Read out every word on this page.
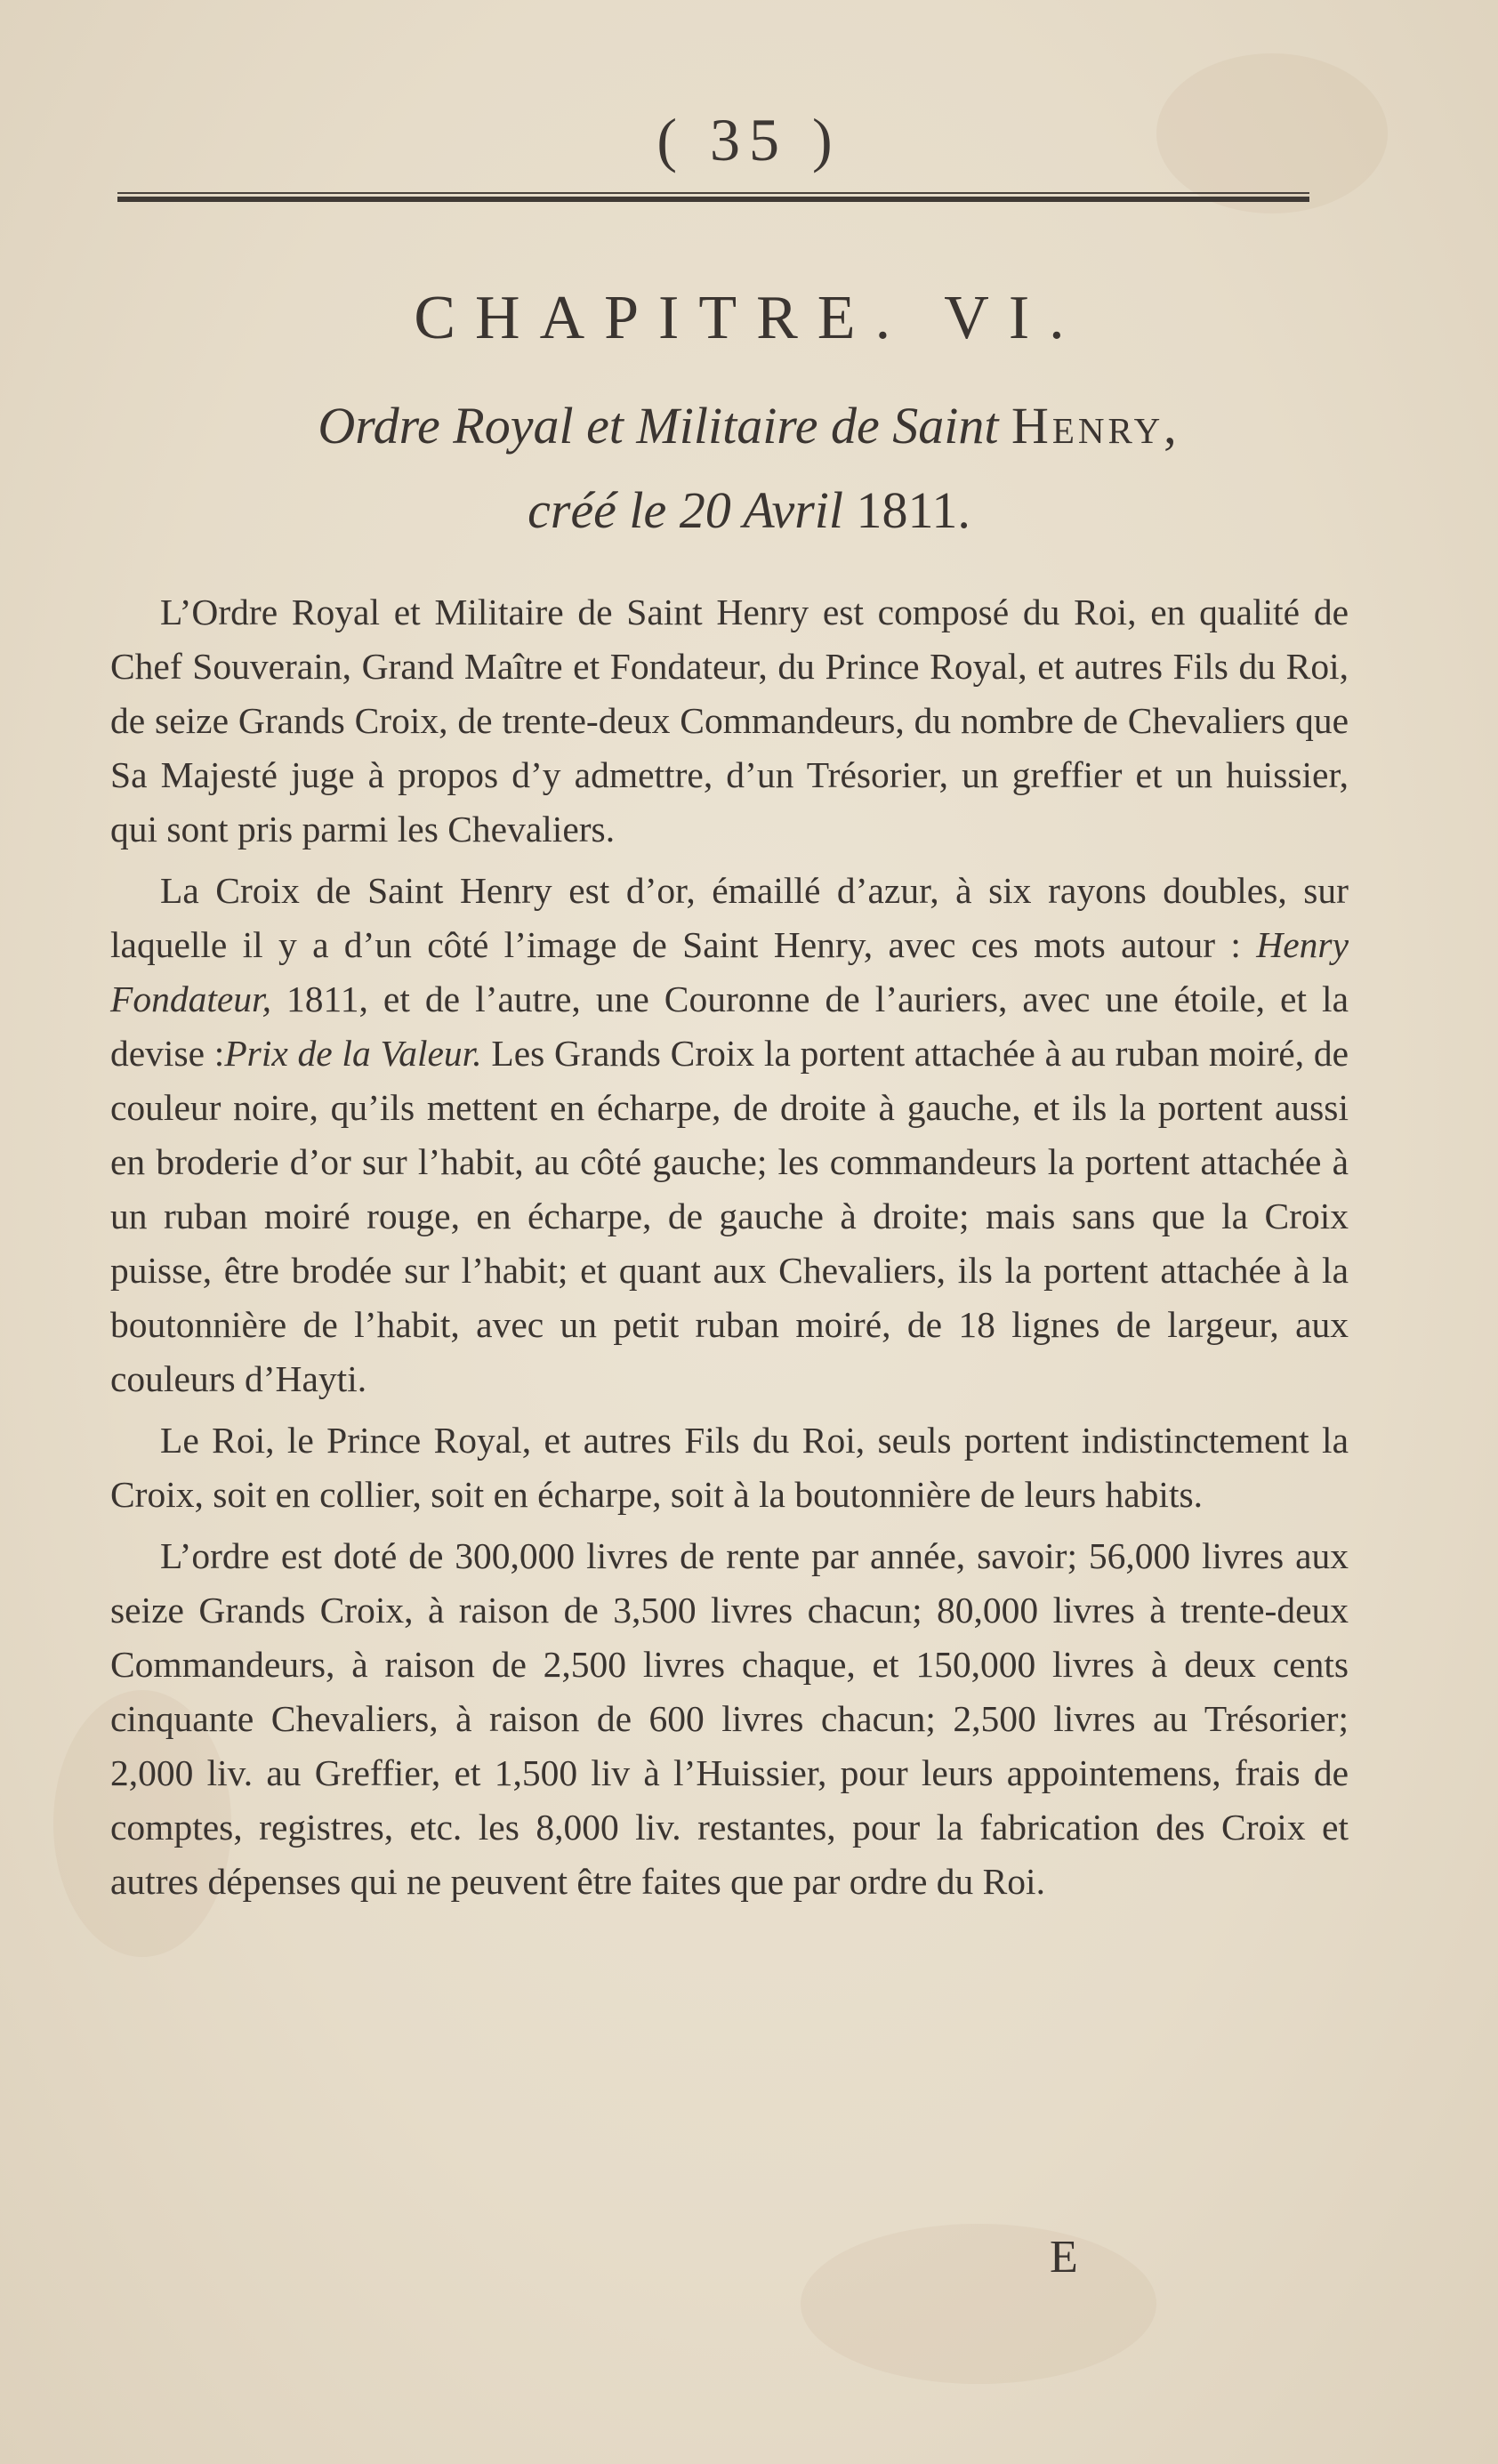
( 35 )
CHAPITRE. VI.
Ordre Royal et Militaire de Saint Henry,
créé le 20 Avril 1811.

L’Ordre Royal et Militaire de Saint Henry est composé du Roi, en qualité de Chef Souverain, Grand Maître et Fondateur, du Prince Royal, et autres Fils du Roi, de seize Grands Croix, de trente-deux Commandeurs, du nombre de Chevaliers que Sa Majesté juge à propos d’y admettre, d’un Trésorier, un greffier et un huissier, qui sont pris parmi les Chevaliers.

La Croix de Saint Henry est d’or, émaillé d’azur, à six rayons doubles, sur laquelle il y a d’un côté l’image de Saint Henry, avec ces mots autour : Henry Fondateur, 1811, et de l’autre, une Couronne de l’auriers, avec une étoile, et la devise :Prix de la Valeur. Les Grands Croix la portent attachée à au ruban moiré, de couleur noire, qu’ils mettent en écharpe, de droite à gauche, et ils la portent aussi en broderie d’or sur l’habit, au côté gauche; les commandeurs la portent attachée à un ruban moiré rouge, en écharpe, de gauche à droite; mais sans que la Croix puisse, être brodée sur l’habit; et quant aux Chevaliers, ils la portent attachée à la boutonnière de l’habit, avec un petit ruban moiré, de 18 lignes de largeur, aux couleurs d’Hayti.

Le Roi, le Prince Royal, et autres Fils du Roi, seuls portent indistinctement la Croix, soit en collier, soit en écharpe, soit à la boutonnière de leurs habits.

L’ordre est doté de 300,000 livres de rente par année, savoir; 56,000 livres aux seize Grands Croix, à raison de 3,500 livres chacun; 80,000 livres à trente-deux Commandeurs, à raison de 2,500 livres chaque, et 150,000 livres à deux cents cinquante Chevaliers, à raison de 600 livres chacun; 2,500 livres au Trésorier; 2,000 liv. au Greffier, et 1,500 liv à l’Huissier, pour leurs appointemens, frais de comptes, registres, etc. les 8,000 liv. restantes, pour la fabrication des Croix et autres dépenses qui ne peuvent être faites que par ordre du Roi.

E
